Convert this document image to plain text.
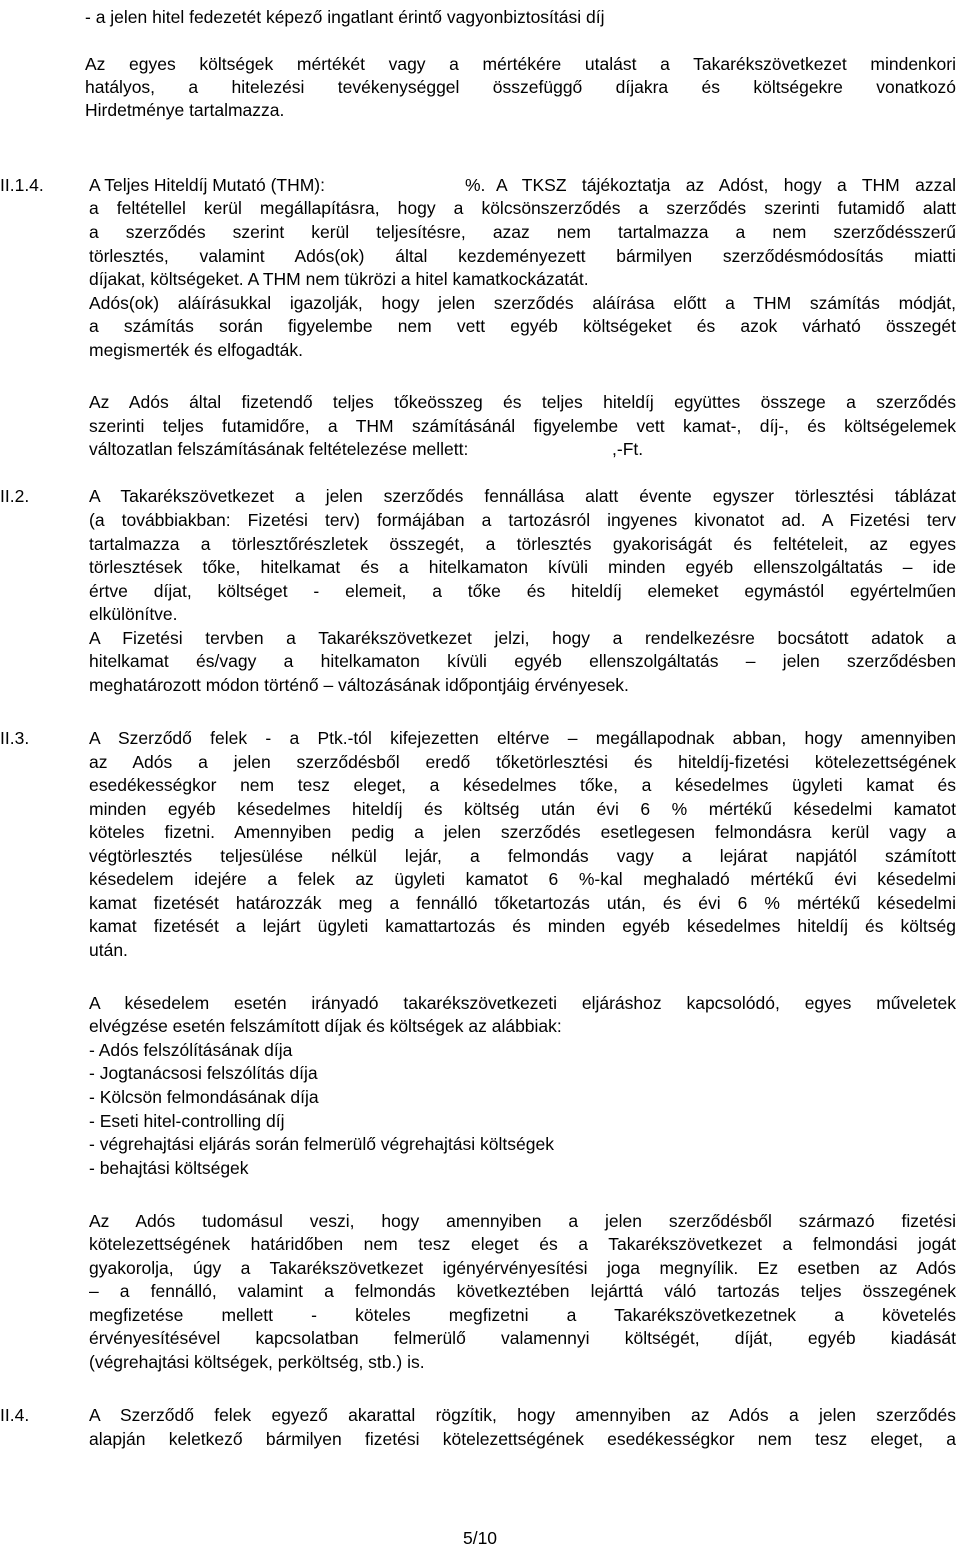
- a jelen hitel fedezetét képező ingatlant érintő vagyonbiztosítási díj
Az egyes költségek mértékét vagy a mértékére utalást a Takarékszövetkezet mindenkori
hatályos, a hitelezési tevékenységgel összefüggő díjakra és költségekre vonatkozó
Hirdetménye tartalmazza.
II.1.4.	A Teljes Hiteldíj Mutató (THM):	%. A TKSZ tájékoztatja az Adóst, hogy a THM azzal
a feltétellel kerül megállapításra, hogy a kölcsönszerződés a szerződés szerinti futamidő alatt
a szerződés szerint kerül teljesítésre, azaz nem tartalmazza a nem szerződésszerű
törlesztés, valamint Adós(ok) által kezdeményezett bármilyen szerződésmódosítás miatti
díjakat, költségeket. A THM nem tükrözi a hitel kamatkockázatát.
Adós(ok) aláírásukkal igazolják, hogy jelen szerződés aláírása előtt a THM számítás módját,
a számítás során figyelembe nem vett egyéb költségeket és azok várható összegét
megismerték és elfogadták.
Az Adós által fizetendő teljes tőkeösszeg és teljes hiteldíj együttes összege a szerződés
szerinti teljes futamidőre, a THM számításánál figyelembe vett kamat-, díj-, és költségelemek
változatlan felszámításának feltételezése mellett:	,-Ft.
II.2.	A Takarékszövetkezet a jelen szerződés fennállása alatt évente egyszer törlesztési táblázat
(a továbbiakban: Fizetési terv) formájában a tartozásról ingyenes kivonatot ad. A Fizetési terv
tartalmazza a törlesztőrészletek összegét, a törlesztés gyakoriságát és feltételeit, az egyes
törlesztések tőke, hitelkamat és a hitelkamaton kívüli minden egyéb ellenszolgáltatás – ide
értve díjat, költséget - elemeit, a tőke és hiteldíj elemeket egymástól egyértelműen
elkülönítve.
A Fizetési tervben a Takarékszövetkezet jelzi, hogy a rendelkezésre bocsátott adatok a
hitelkamat és/vagy a hitelkamaton kívüli egyéb ellenszolgáltatás – jelen szerződésben
meghatározott módon történő – változásának időpontjáig érvényesek.
II.3.	A Szerződő felek - a Ptk.-tól kifejezetten eltérve – megállapodnak abban, hogy amennyiben
az Adós a jelen szerződésből eredő tőketörlesztési és hiteldíj-fizetési kötelezettségének
esedékességkor nem tesz eleget, a késedelmes tőke, a késedelmes ügyleti kamat és
minden egyéb késedelmes hiteldíj és költség után évi 6 % mértékű késedelmi kamatot
köteles fizetni. Amennyiben pedig a jelen szerződés esetlegesen felmondásra kerül vagy a
végtörlesztés teljesülése nélkül lejár, a felmondás vagy a lejárat napjától számított
késedelem idejére a felek az ügyleti kamatot 6 %-kal meghaladó mértékű évi késedelmi
kamat fizetését határozzák meg a fennálló tőketartozás után, és évi 6 % mértékű késedelmi
kamat fizetését a lejárt ügyleti kamattartozás és minden egyéb késedelmes hiteldíj és költség
után.
A késedelem esetén irányadó takarékszövetkezeti eljáráshoz kapcsolódó, egyes műveletek
elvégzése esetén felszámított díjak és költségek az alábbiak:
- Adós felszólításának díja
- Jogtanácsosi felszólítás díja
- Kölcsön felmondásának díja
- Eseti hitel-controlling díj
- végrehajtási eljárás során felmerülő végrehajtási költségek
- behajtási költségek
Az Adós tudomásul veszi, hogy amennyiben a jelen szerződésből származó fizetési
kötelezettségének határidőben nem tesz eleget és a Takarékszövetkezet a felmondási jogát
gyakorolja, úgy a Takarékszövetkezet igényérvényesítési joga megnyílik. Ez esetben az Adós
– a fennálló, valamint a felmondás következtében lejárttá váló tartozás teljes összegének
megfizetése mellett - köteles megfizetni a Takarékszövetkezetnek a követelés
érvényesítésével kapcsolatban felmerülő valamennyi költségét, díját, egyéb kiadását
(végrehajtási költségek, perköltség, stb.) is.
II.4.	A Szerződő felek egyező akarattal rögzítik, hogy amennyiben az Adós a jelen szerződés
alapján keletkező bármilyen fizetési kötelezettségének esedékességkor nem tesz eleget, a
5/10
